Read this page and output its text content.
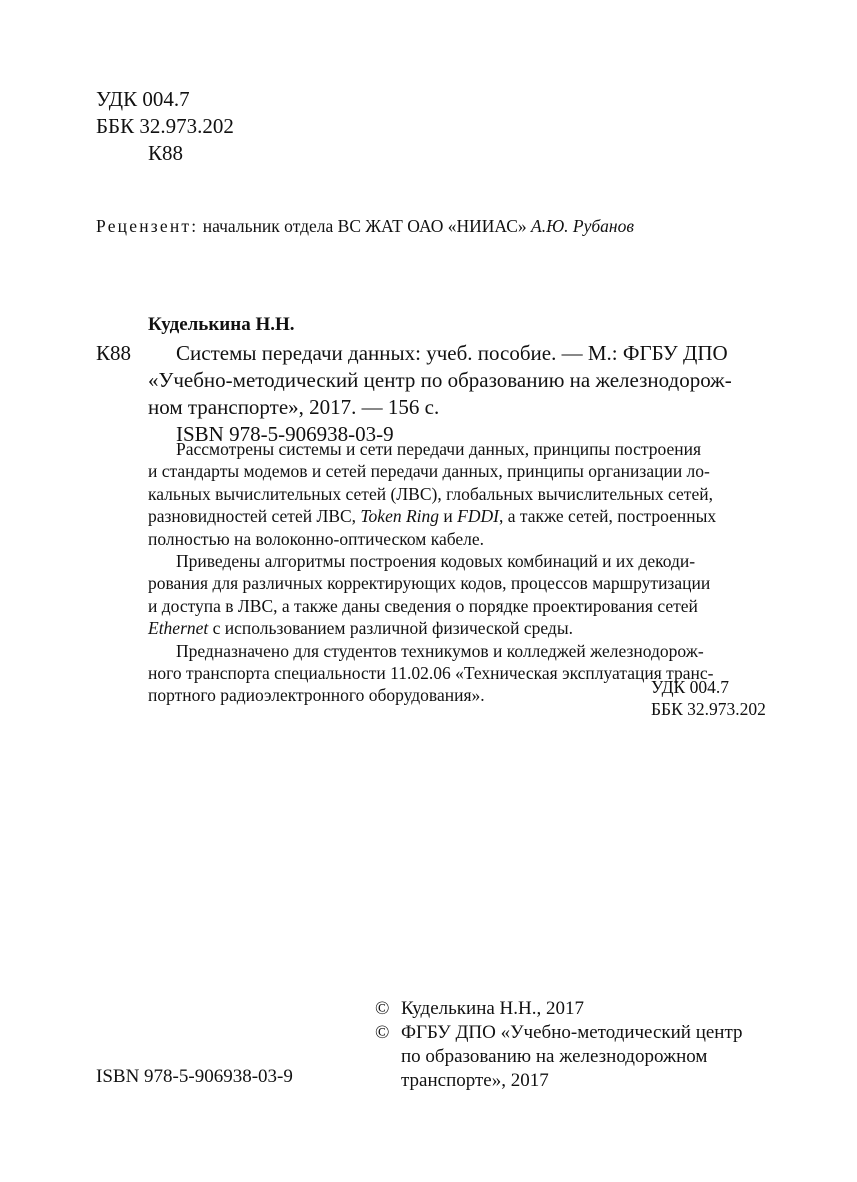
УДК 004.7
ББК 32.973.202
К88
Рецензент: начальник отдела ВС ЖАТ ОАО «НИИАС» А.Ю. Рубанов
Куделькина Н.Н.
К88	Системы передачи данных: учеб. пособие. — М.: ФГБУ ДПО
«Учебно-методический центр по образованию на железнодорож-
ном транспорте», 2017. — 156 с.
ISBN 978-5-906938-03-9
Рассмотрены системы и сети передачи данных, принципы построения
и стандарты модемов и сетей передачи данных, принципы организации ло-
кальных вычислительных сетей (ЛВС), глобальных вычислительных сетей,
разновидностей сетей ЛВС, Token Ring и FDDI, а также сетей, построенных
полностью на волоконно-оптическом кабеле.
Приведены алгоритмы построения кодовых комбинаций и их декоди-
рования для различных корректирующих кодов, процессов маршрутизации
и доступа в ЛВС, а также даны сведения о порядке проектирования сетей
Ethernet с использованием различной физической среды.
Предназначено для студентов техникумов и колледжей железнодорож-
ного транспорта специальности 11.02.06 «Техническая эксплуатация транс-
портного радиоэлектронного оборудования».	УДК 004.7
ББК 32.973.202
© Куделькина Н.Н., 2017
© ФГБУ ДПО «Учебно-методический центр
по образованию на железнодорожном
транспорте», 2017
ISBN 978-5-906938-03-9
